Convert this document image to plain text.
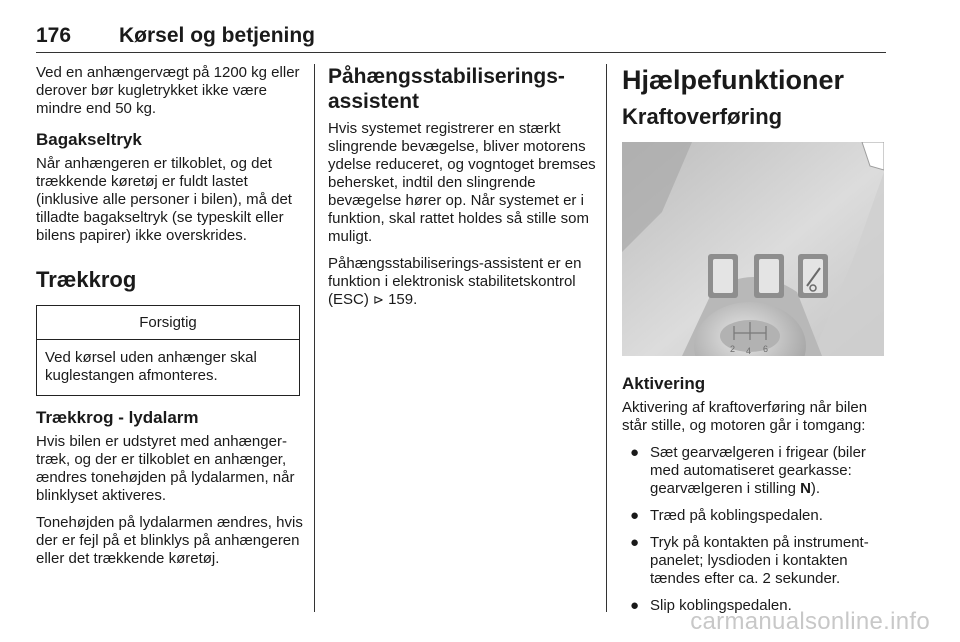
176 Kørsel og betjening

Ved en anhængervægt på 1200 kg eller derover bør kugletrykket ikke være mindre end 50 kg.

Bagakseltryk

Når anhængeren er tilkoblet, og det trækkende køretøj er fuldt lastet (inklusive alle personer i bilen), må det tilladte bagakseltryk (se typeskilt eller bilens papirer) ikke overskrides.

Trækkrog
Forsigtig
Ved kørsel uden anhænger skal kuglestangen afmonteres.
Trækkrog - lydalarm

Hvis bilen er udstyret med anhængertræk, og der er tilkoblet en anhænger, ændres tonehøjden på lydalarmen, når blinklyset aktiveres.

Tonehøjden på lydalarmen ændres, hvis der er fejl på et blinklys på anhængeren eller det trækkende køretøj.

Påhængsstabiliseringsassistent

Hvis systemet registrerer en stærkt slingrende bevægelse, bliver motorens ydelse reduceret, og vogntoget bremses behersket, indtil den slingrende bevægelse hører op. Når systemet er i funktion, skal rattet holdes så stille som muligt.

Påhængsstabiliserings-assistent er en funktion i elektronisk stabilitetskontrol (ESC) ⊳ 159.

Hjælpefunktioner
Kraftoverføring
2 4 6
Aktivering

Aktivering af kraftoverføring når bilen står stille, og motoren går i tomgang:

● Sæt gearvælgeren i frigear (biler med automatiseret gearkasse: gearvælgeren i stilling N).
● Træd på koblingspedalen.
● Tryk på kontakten på instrumentpanelet; lysdioden i kontakten tændes efter ca. 2 sekunder.
● Slip koblingspedalen.
carmanualsonline.info
